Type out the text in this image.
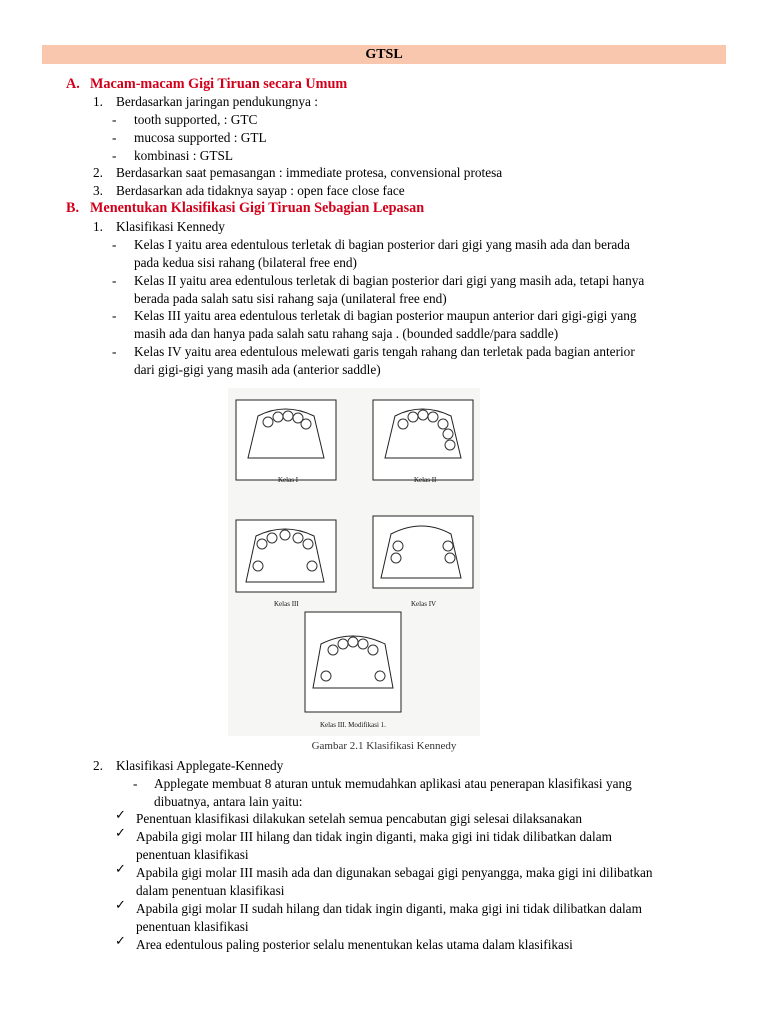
GTSL
A. Macam-macam Gigi Tiruan secara Umum
1. Berdasarkan jaringan pendukungnya :
- tooth supported, : GTC
- mucosa supported : GTL
- kombinasi : GTSL
2. Berdasarkan saat pemasangan : immediate protesa, convensional protesa
3. Berdasarkan ada tidaknya sayap : open face close face
B. Menentukan Klasifikasi Gigi Tiruan Sebagian Lepasan
1. Klasifikasi Kennedy
- Kelas I yaitu area edentulous terletak di bagian posterior dari gigi yang masih ada dan berada
pada kedua sisi rahang (bilateral free end)
- Kelas II yaitu area edentulous terletak di bagian posterior dari gigi yang masih ada, tetapi hanya
berada pada salah satu sisi rahang saja (unilateral free end)
- Kelas III yaitu area edentulous terletak di bagian posterior maupun anterior dari gigi-gigi yang
masih ada dan hanya pada salah satu rahang saja . (bounded saddle/para saddle)
- Kelas IV yaitu area edentulous melewati garis tengah rahang dan terletak pada bagian anterior
dari gigi-gigi yang masih ada (anterior saddle)
Kelas I	Kelas II
Kelas III	Kelas IV
Kelas III. Modifikasi 1.
Gambar 2.1 Klasifikasi Kennedy
2. Klasifikasi Applegate-Kennedy
- Applegate membuat 8 aturan untuk memudahkan aplikasi atau penerapan klasifikasi yang
dibuatnya, antara lain yaitu:
✓ Penentuan klasifikasi dilakukan setelah semua pencabutan gigi selesai dilaksanakan
✓ Apabila gigi molar III hilang dan tidak ingin diganti, maka gigi ini tidak dilibatkan dalam
penentuan klasifikasi
✓ Apabila gigi molar III masih ada dan digunakan sebagai gigi penyangga, maka gigi ini dilibatkan
dalam penentuan klasifikasi
✓ Apabila gigi molar II sudah hilang dan tidak ingin diganti, maka gigi ini tidak dilibatkan dalam
penentuan klasifikasi
✓ Area edentulous paling posterior selalu menentukan kelas utama dalam klasifikasi
